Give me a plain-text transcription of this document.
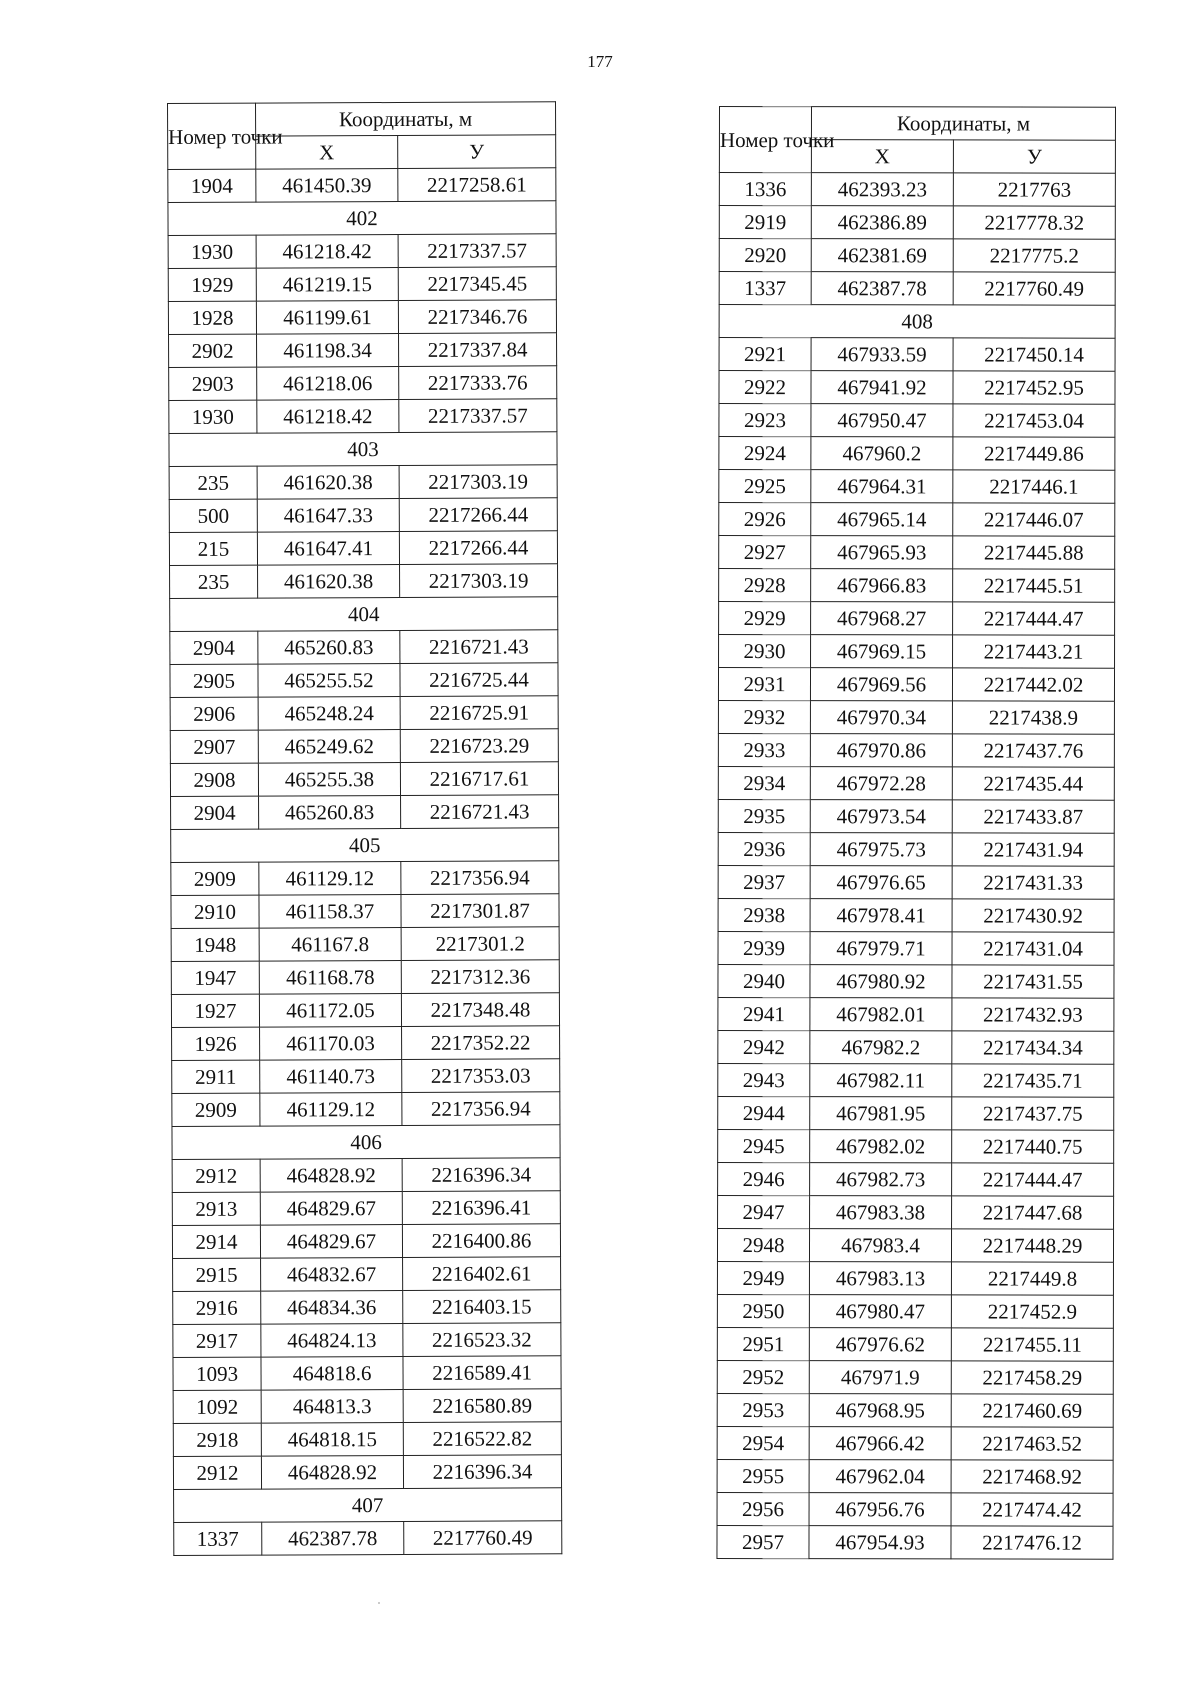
177
Номер точки	Координаты, м	
	X	У
1904	461450.39	2217258.61
402		
1930	461218.42	2217337.57
1929	461219.15	2217345.45
1928	461199.61	2217346.76
2902	461198.34	2217337.84
2903	461218.06	2217333.76
1930	461218.42	2217337.57
403		
235	461620.38	2217303.19
500	461647.33	2217266.44
215	461647.41	2217266.44
235	461620.38	2217303.19
404		
2904	465260.83	2216721.43
2905	465255.52	2216725.44
2906	465248.24	2216725.91
2907	465249.62	2216723.29
2908	465255.38	2216717.61
2904	465260.83	2216721.43
405		
2909	461129.12	2217356.94
2910	461158.37	2217301.87
1948	461167.8	2217301.2
1947	461168.78	2217312.36
1927	461172.05	2217348.48
1926	461170.03	2217352.22
2911	461140.73	2217353.03
2909	461129.12	2217356.94
406		
2912	464828.92	2216396.34
2913	464829.67	2216396.41
2914	464829.67	2216400.86
2915	464832.67	2216402.61
2916	464834.36	2216403.15
2917	464824.13	2216523.32
1093	464818.6	2216589.41
1092	464813.3	2216580.89
2918	464818.15	2216522.82
2912	464828.92	2216396.34
407		
1337	462387.78	2217760.49
Номер точки	Координаты, м	
	X	У
1336	462393.23	2217763
2919	462386.89	2217778.32
2920	462381.69	2217775.2
1337	462387.78	2217760.49
408		
2921	467933.59	2217450.14
2922	467941.92	2217452.95
2923	467950.47	2217453.04
2924	467960.2	2217449.86
2925	467964.31	2217446.1
2926	467965.14	2217446.07
2927	467965.93	2217445.88
2928	467966.83	2217445.51
2929	467968.27	2217444.47
2930	467969.15	2217443.21
2931	467969.56	2217442.02
2932	467970.34	2217438.9
2933	467970.86	2217437.76
2934	467972.28	2217435.44
2935	467973.54	2217433.87
2936	467975.73	2217431.94
2937	467976.65	2217431.33
2938	467978.41	2217430.92
2939	467979.71	2217431.04
2940	467980.92	2217431.55
2941	467982.01	2217432.93
2942	467982.2	2217434.34
2943	467982.11	2217435.71
2944	467981.95	2217437.75
2945	467982.02	2217440.75
2946	467982.73	2217444.47
2947	467983.38	2217447.68
2948	467983.4	2217448.29
2949	467983.13	2217449.8
2950	467980.47	2217452.9
2951	467976.62	2217455.11
2952	467971.9	2217458.29
2953	467968.95	2217460.69
2954	467966.42	2217463.52
2955	467962.04	2217468.92
2956	467956.76	2217474.42
2957	467954.93	2217476.12
